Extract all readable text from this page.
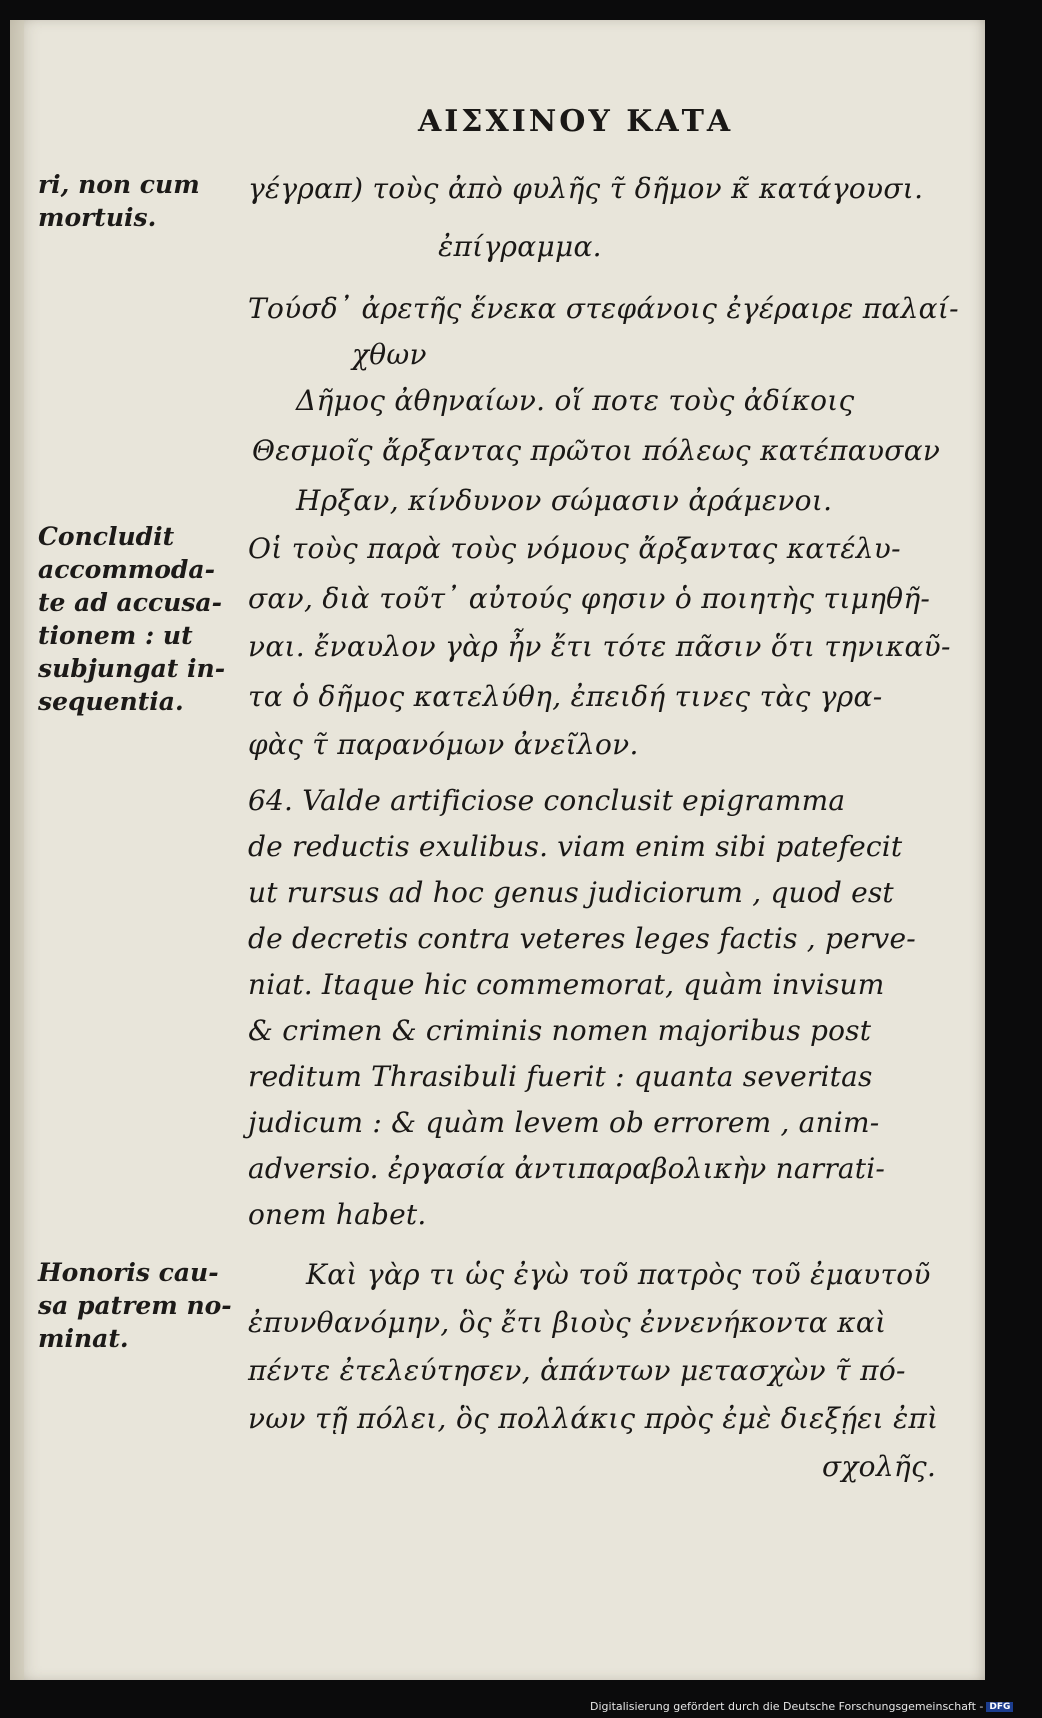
ΑΙΣΧΙΝΟΥ ΚΑΤΑ
ri, non cum mortuis.
Concludit accommoda-te ad accusa-tionem : ut subjungat in-sequentia.
Honoris cau-sa patrem no-minat.
γέγραπ) τοὺς ἀπὸ φυλῆς τ̃ δῆμον κ̃ κατάγουσι.
ἐπίγραμμα.
Τούσδ᾽ ἀρετῆς ἕνεκα στεφάνοις ἐγέραιρε παλαί-
χθων
Δῆμος ἀθηναίων. οἵ ποτε τοὺς ἀδίκοις
Θεσμοῖς ἄρξαντας πρῶτοι πόλεως κατέπαυσαν
Ηρξαν, κίνδυνον σώμασιν ἀράμενοι.
Οἱ τοὺς παρὰ τοὺς νόμους ἄρξαντας κατέλυ-
σαν, διὰ τοῦτ᾽ αὐτούς φησιν ὁ ποιητὴς τιμηθῆ-
ναι. ἔναυλον γὰρ ἦν ἔτι τότε πᾶσιν ὅτι τηνικαῦ-
τα ὁ δῆμος κατελύθη, ἐπειδή τινες τὰς γρα-
φὰς τ̃ παρανόμων ἀνεῖλον.
64. Valde artificiose conclusit epigramma
de reductis exulibus. viam enim sibi patefecit
ut rursus ad hoc genus judiciorum , quod est
de decretis contra veteres leges factis , perve-
niat. Itaque hic commemorat, quàm invisum
& crimen & criminis nomen majoribus post
reditum Thrasibuli fuerit : quanta severitas
judicum : & quàm levem ob errorem , anim-
adversio. ἐργασία ἀντιπαραβολικὴν narrati-
onem habet.
Καὶ γὰρ τι ὡς ἐγὼ τοῦ πατρὸς τοῦ ἐμαυτοῦ
ἐπυνθανόμην, ὃς ἔτι βιοὺς ἐννενήκοντα καὶ
πέντε ἐτελεύτησεν, ἁπάντων μετασχὼν τ̃ πό-
νων τῇ πόλει, ὃς πολλάκις πρὸς ἐμὲ διεξῄει ἐπὶ
σχολῆς.
Digitalisierung gefördert durch die Deutsche Forschungsgemeinschaft - DFG
